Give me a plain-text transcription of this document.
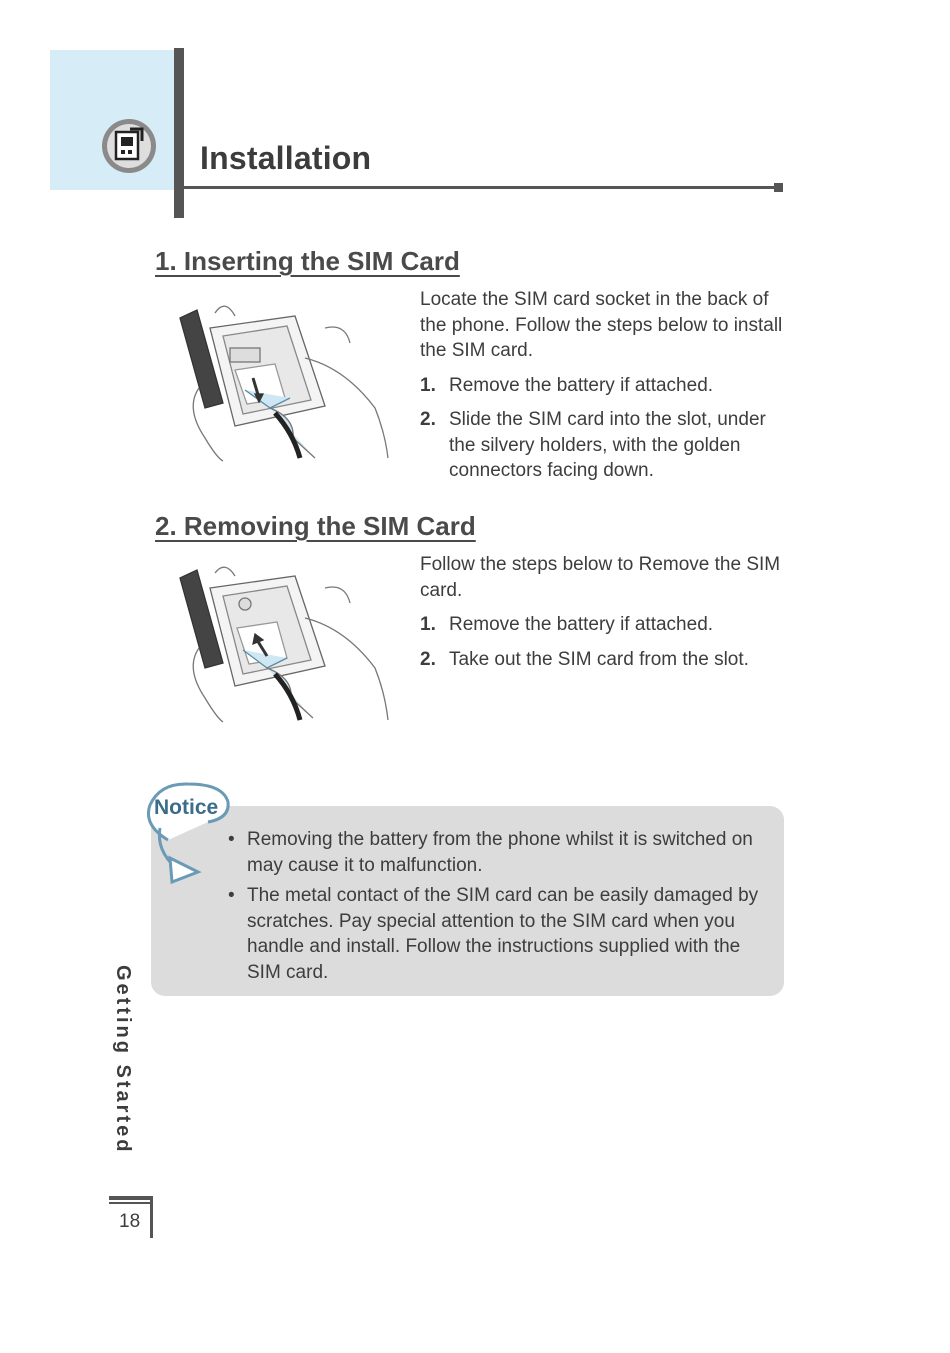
Installation
1. Inserting the SIM Card

Locate the SIM card socket in the back of the phone. Follow the steps below to install the SIM card.

1. Remove the battery if attached.
2. Slide the SIM card into the slot, under the silvery holders, with the golden connectors facing down.
2. Removing the SIM Card

Follow the steps below to Remove the SIM card.

1. Remove the battery if attached.
2. Take out the SIM card from the slot.
Notice
• Removing the battery from the phone whilst it is switched on may cause it to malfunction.
• The metal contact of the SIM card can be easily damaged by scratches. Pay special attention to the SIM card when you handle and install. Follow the instructions supplied with the SIM card.
Getting Started
18
